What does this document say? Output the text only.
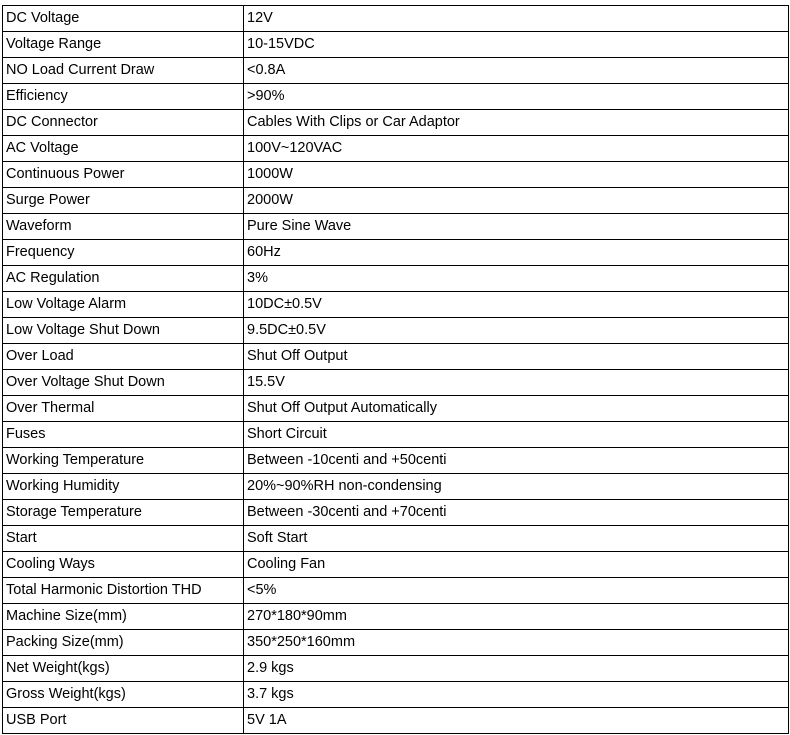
DC Voltage	12V
Voltage Range	10-15VDC
NO Load Current Draw	<0.8A
Efficiency	>90%
DC Connector	Cables With Clips or Car Adaptor
AC Voltage	100V~120VAC
Continuous Power	1000W
Surge Power	2000W
Waveform	Pure Sine Wave
Frequency	60Hz
AC Regulation	3%
Low Voltage Alarm	10DC±0.5V
Low Voltage Shut Down	9.5DC±0.5V
Over Load	Shut Off Output
Over Voltage Shut Down	15.5V
Over Thermal	Shut Off Output Automatically
Fuses	Short Circuit
Working Temperature	Between -10centi and +50centi
Working Humidity	20%~90%RH non-condensing
Storage Temperature	Between -30centi and +70centi
Start	Soft Start
Cooling Ways	Cooling Fan
Total Harmonic Distortion THD	<5%
Machine Size(mm)	270*180*90mm
Packing Size(mm)	350*250*160mm
Net Weight(kgs)	2.9 kgs
Gross Weight(kgs)	3.7 kgs
USB Port	5V 1A
